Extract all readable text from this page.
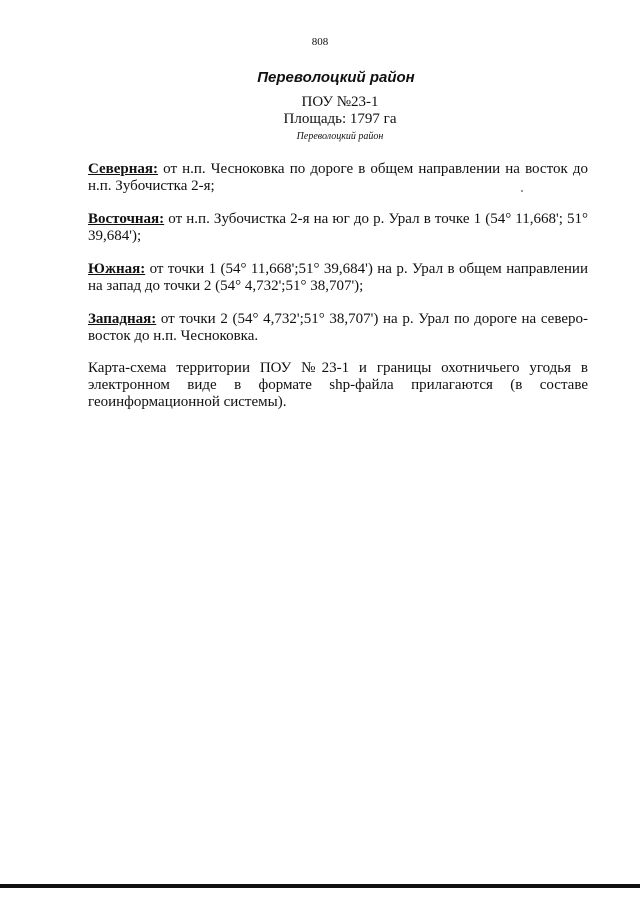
808
Переволоцкий район
ПОУ №23-1
Площадь: 1797 га
Переволоцкий район

Северная: от н.п. Чесноковка по дороге в общем направлении на восток до н.п. Зубочистка 2-я;

Восточная: от н.п. Зубочистка 2-я на юг до р. Урал в точке 1 (54° 11,668'; 51° 39,684');

Южная: от точки 1 (54° 11,668';51° 39,684') на р. Урал в общем направлении на запад до точки 2 (54° 4,732';51° 38,707');

Западная: от точки 2 (54° 4,732';51° 38,707') на р. Урал по дороге на северо-восток до н.п. Чесноковка.

Карта-схема территории ПОУ №23-1 и границы охотничьего угодья в электронном виде в формате shp-файла прилагаются (в составе геоинформационной системы).
